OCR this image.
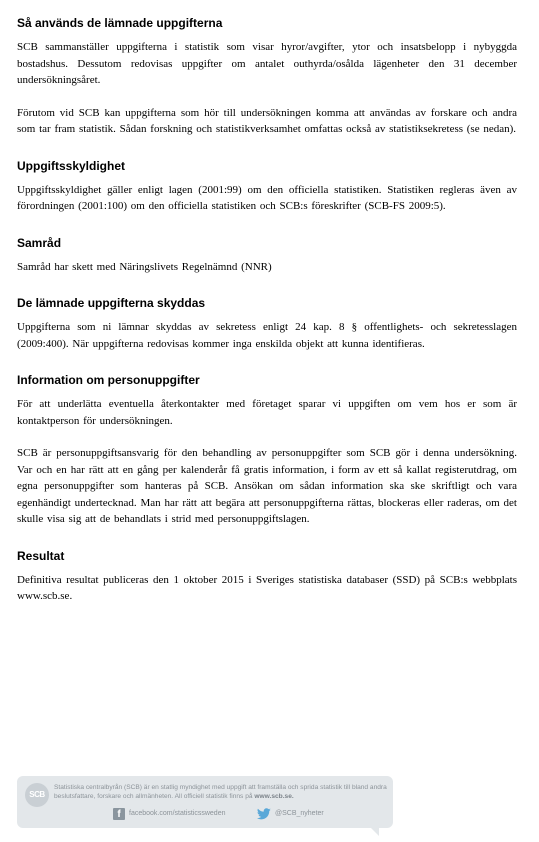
Så används de lämnade uppgifterna

SCB sammanställer uppgifterna i statistik som visar hyror/avgifter, ytor och insatsbelopp i nybyggda bostadshus. Dessutom redovisas uppgifter om antalet outhyrda/osålda lägenheter den 31 december undersökningsåret.

Förutom vid SCB kan uppgifterna som hör till undersökningen komma att användas av forskare och andra som tar fram statistik. Sådan forskning och statistikverksamhet omfattas också av statistiksekretess (se nedan).

Uppgiftsskyldighet

Uppgiftsskyldighet gäller enligt lagen (2001:99) om den officiella statistiken. Statistiken regleras även av förordningen (2001:100) om den officiella statistiken och SCB:s föreskrifter (SCB-FS 2009:5).

Samråd

Samråd har skett med Näringslivets Regelnämnd (NNR)

De lämnade uppgifterna skyddas

Uppgifterna som ni lämnar skyddas av sekretess enligt 24 kap. 8 § offentlighets- och sekretesslagen (2009:400). När uppgifterna redovisas kommer inga enskilda objekt att kunna identifieras.

Information om personuppgifter

För att underlätta eventuella återkontakter med företaget sparar vi uppgiften om vem hos er som är kontaktperson för undersökningen.

SCB är personuppgiftsansvarig för den behandling av personuppgifter som SCB gör i denna undersökning. Var och en har rätt att en gång per kalenderår få gratis information, i form av ett så kallat registerutdrag, om egna personuppgifter som hanteras på SCB. Ansökan om sådan information ska ske skriftligt och vara egenhändigt undertecknad. Man har rätt att begära att personuppgifterna rättas, blockeras eller raderas, om det skulle visa sig att de behandlats i strid med personuppgiftslagen.

Resultat

Definitiva resultat publiceras den 1 oktober 2015 i Sveriges statistiska databaser (SSD) på SCB:s webbplats www.scb.se.

SCB
Statistiska centralbyrån (SCB) är en statlig myndighet med uppgift att framställa och sprida statistik till bland andra beslutsfattare, forskare och allmänheten. All officiell statistik finns på www.scb.se.
f	facebook.com/statisticssweden	@SCB_nyheter
